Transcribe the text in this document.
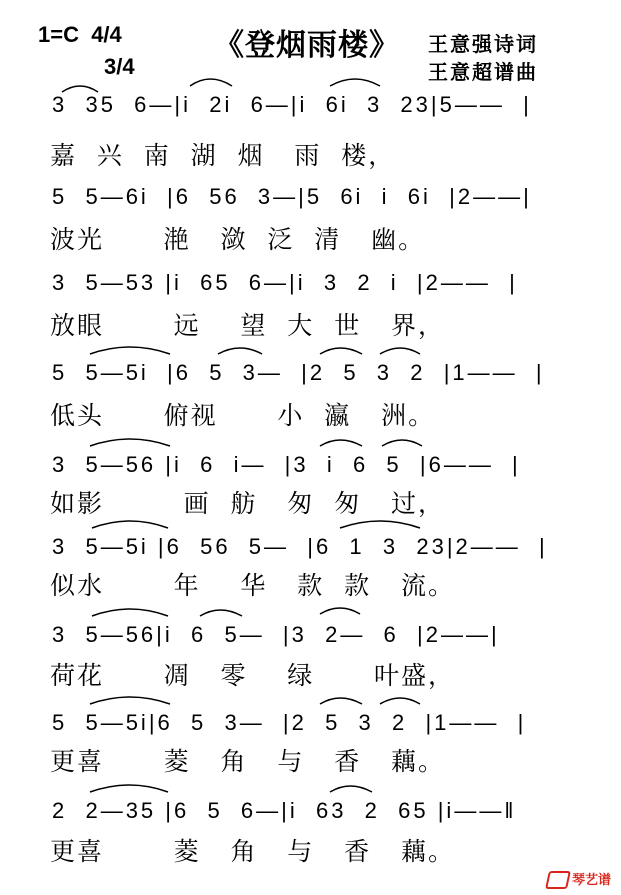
1=C  4/4
3/4
《登烟雨楼》 王意强诗词
王意超谱曲
3  35  6—|i  2i  6—|i  6i  3  23|5——  |
嘉  兴  南  湖  烟   雨  楼，
5  5—6i  |6  56  3—|5  6i  i  6i  |2——|
波光      滟   潋  泛  清   幽。
3  5—53 |i  65  6—|i  3  2  i  |2——  |
放眼       远    望  大  世   界，
5  5—5i  |6  5  3—  |2  5  3  2  |1——  |
低头      俯视      小  瀛   洲。
3  5—56 |i  6  i—  |3  i  6  5  |6——  |
如影        画  舫   匆  匆   过，
3  5—5i |6  56  5—  |6  1  3  23|2——  |
似水       年    华   款  款   流。
3  5—56|i  6  5—  |3  2—  6  |2——|
荷花      凋   零    绿      叶盛，
5  5—5i|6  5  3—  |2  5  3  2  |1——  |
更喜      菱   角   与   香   藕。
2  2—35 |6  5  6—|i  63  2  65 |i——‖
更喜       菱   角   与   香   藕。

琴艺谱
